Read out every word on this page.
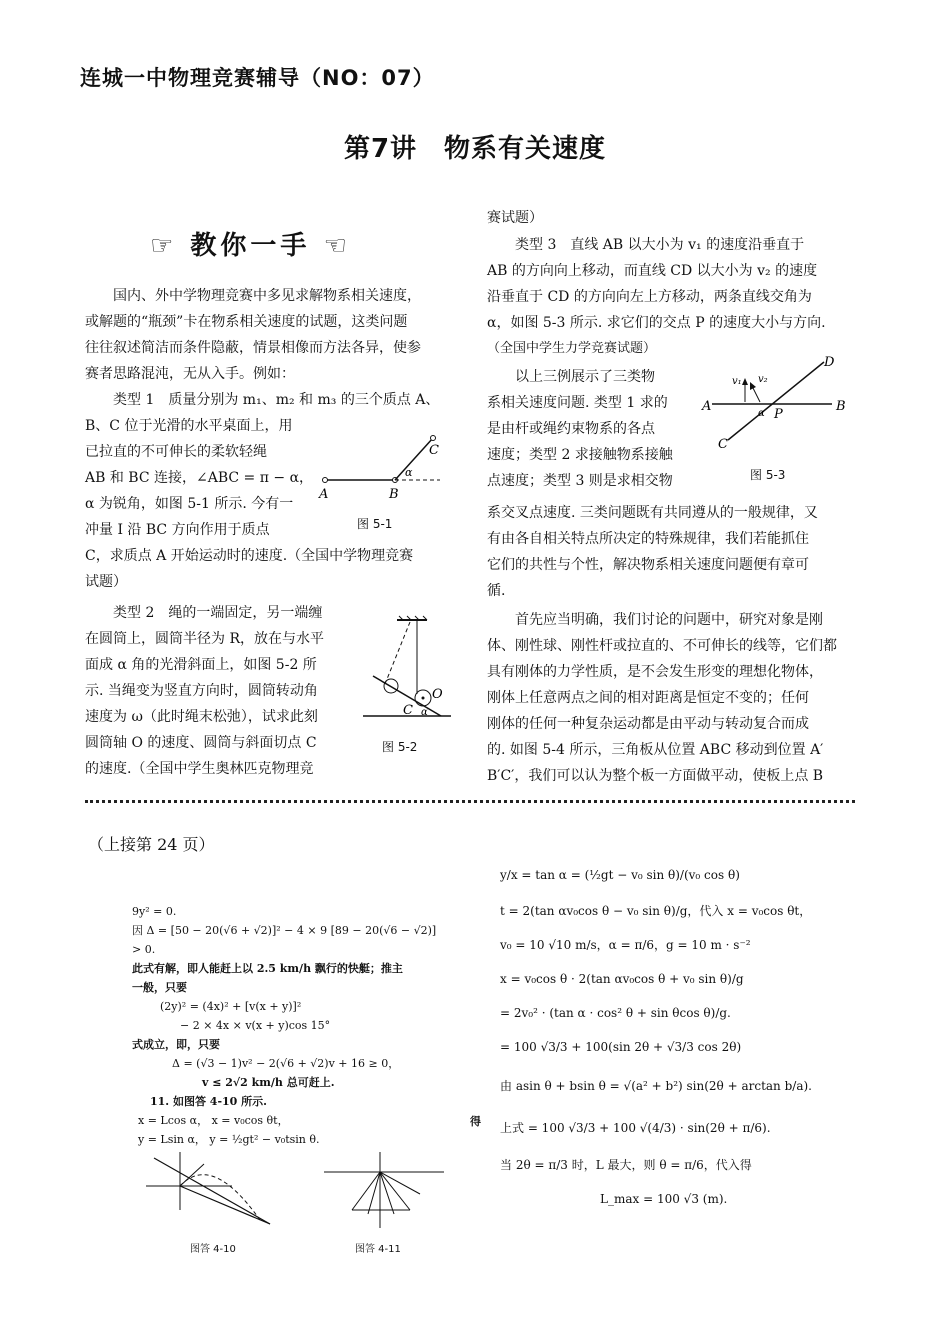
连城一中物理竞赛辅导（NO：07）
第7讲　物系有关速度
☞ 教你一手 ☜
国内、外中学物理竞赛中多见求解物系相关速度，
或解题的“瓶颈”卡在物系相关速度的试题，这类问题
往往叙述简洁而条件隐蔽，情景相像而方法各异，使参
赛者思路混沌，无从入手。例如：
类型 1　质量分别为 m₁、m₂ 和 m₃ 的三个质点 A、
B、C 位于光滑的水平桌面上，用
已拉直的不可伸长的柔软轻绳
AB 和 BC 连接，∠ABC = π − α，
α 为锐角，如图 5-1 所示. 今有一
冲量 I 沿 BC 方向作用于质点
C，求质点 A 开始运动时的速度.（全国中学物理竞赛
试题）
A	B
C
α
图 5-1
类型 2　绳的一端固定，另一端缠
在圆筒上，圆筒半径为 R，放在与水平
面成 α 角的光滑斜面上，如图 5-2 所
示. 当绳变为竖直方向时，圆筒转动角
速度为 ω（此时绳末松弛），试求此刻
圆筒轴 O 的速度、圆筒与斜面切点 C
的速度.（全国中学生奥林匹克物理竞
O
C α
图 5-2
赛试题）
类型 3　直线 AB 以大小为 v₁ 的速度沿垂直于
AB 的方向向上移动，而直线 CD 以大小为 v₂ 的速度
沿垂直于 CD 的方向向左上方移动，两条直线交角为
α，如图 5-3 所示. 求它们的交点 P 的速度大小与方向.
（全国中学生力学竞赛试题）
以上三例展示了三类物
系相关速度问题. 类型 1 求的
是由杆或绳约束物系的各点
速度；类型 2 求接触物系接触
点速度；类型 3 则是求相交物
v₁ v₂
A	B
C
D
P
α
图 5-3
系交叉点速度. 三类问题既有共同遵从的一般规律，又
有由各自相关特点所决定的特殊规律，我们若能抓住
它们的共性与个性，解决物系相关速度问题便有章可
循.
首先应当明确，我们讨论的问题中，研究对象是刚
体、刚性球、刚性杆或拉直的、不可伸长的线等，它们都
具有刚体的力学性质，是不会发生形变的理想化物体，
刚体上任意两点之间的相对距离是恒定不变的；任何
刚体的任何一种复杂运动都是由平动与转动复合而成
的. 如图 5-4 所示，三角板从位置 ABC 移动到位置 A′
B′C′，我们可以认为整个板一方面做平动，使板上点 B
（上接第 24 页）
9y² = 0.
因 Δ = [50 − 20(√6 + √2)]² − 4 × 9 [89 − 20(√6 − √2)]
> 0.
此式有解，即人能赶上以 2.5 km/h 飘行的快艇；推主
一般，只要
(2y)² = (4x)² + [v(x + y)]²
− 2 × 4x × v(x + y)cos 15°
式成立，即，只要
Δ = (√3 − 1)v² − 2(√6 + √2)v + 16 ≥ 0，
v ≤ 2√2 km/h 总可赶上.
11. 如图答 4-10 所示.
x = Lcos α， x = v₀cos θt，
y = Lsin α， y = ½gt² − v₀tsin θ.
得
图答 4-10	图答 4-11
y/x = tan α = (½gt − v₀ sin θ)/(v₀ cos θ)
t = 2(tan αv₀cos θ − v₀ sin θ)/g，代入 x = v₀cos θt，
v₀ = 10 √10 m/s，α = π/6，g = 10 m · s⁻²
x = v₀cos θ · 2(tan αv₀cos θ + v₀ sin θ)/g
= 2v₀² · (tan α · cos² θ + sin θcos θ)/g.
= 100 √3/3 + 100(sin 2θ + √3/3 cos 2θ)
由 asin θ + bsin θ = √(a² + b²) sin(2θ + arctan b/a).
上式 = 100 √3/3 + 100 √(4/3) · sin(2θ + π/6).
当 2θ = π/3 时，L 最大，则 θ = π/6，代入得
L_max = 100 √3 (m).
